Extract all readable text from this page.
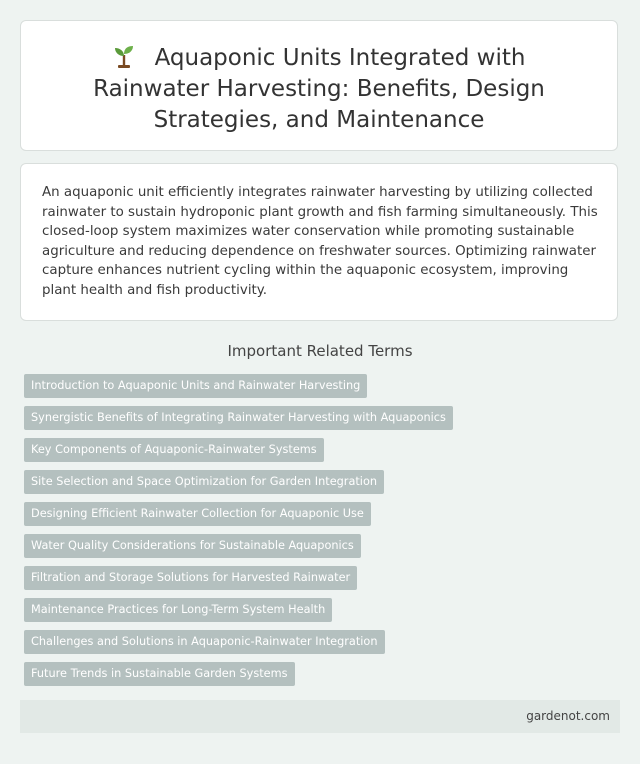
Aquaponic Units Integrated with Rainwater Harvesting: Benefits, Design Strategies, and Maintenance

An aquaponic unit efficiently integrates rainwater harvesting by utilizing collected rainwater to sustain hydroponic plant growth and fish farming simultaneously. This closed-loop system maximizes water conservation while promoting sustainable agriculture and reducing dependence on freshwater sources. Optimizing rainwater capture enhances nutrient cycling within the aquaponic ecosystem, improving plant health and fish productivity.

Important Related Terms
Introduction to Aquaponic Units and Rainwater Harvesting
Synergistic Benefits of Integrating Rainwater Harvesting with Aquaponics
Key Components of Aquaponic-Rainwater Systems
Site Selection and Space Optimization for Garden Integration
Designing Efficient Rainwater Collection for Aquaponic Use
Water Quality Considerations for Sustainable Aquaponics
Filtration and Storage Solutions for Harvested Rainwater
Maintenance Practices for Long-Term System Health
Challenges and Solutions in Aquaponic-Rainwater Integration
Future Trends in Sustainable Garden Systems
gardenot.com
